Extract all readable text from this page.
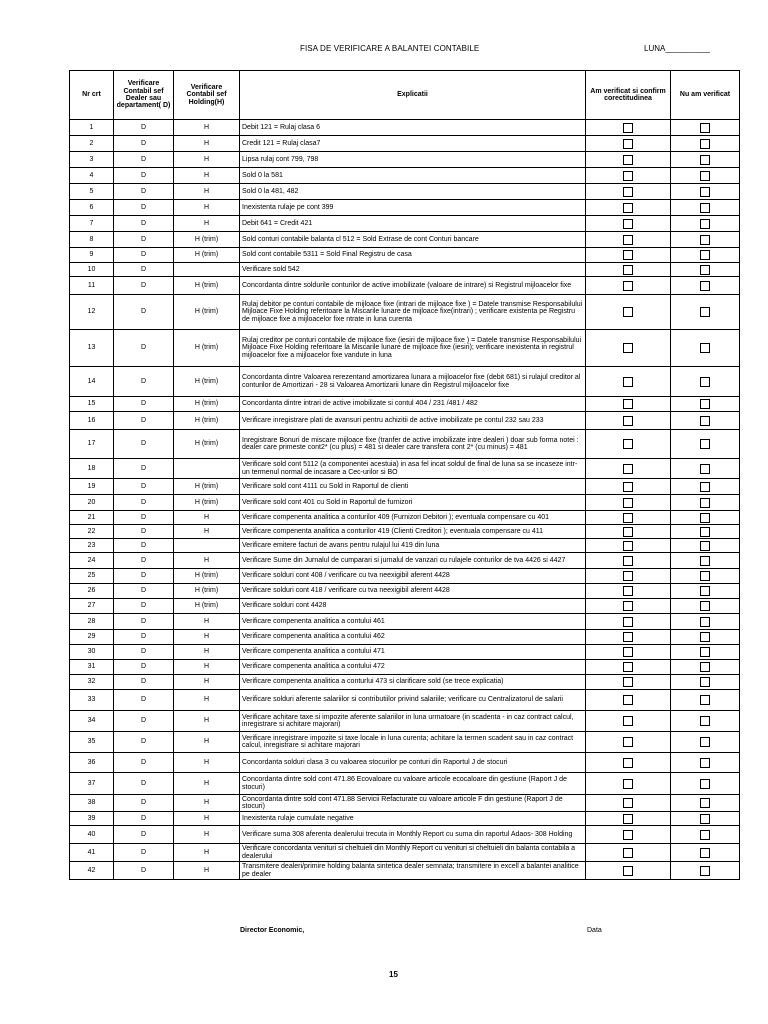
FISA DE VERIFICARE A BALANTEI CONTABILE	LUNA__________
Nr crt	Verificare Contabil sef Dealer sau departament( D)	Verificare Contabil sef Holding(H)	Explicatii	Am verificat si confirm corectitudinea	Nu am verificat
1	D	H	Debit 121 = Rulaj clasa 6		
2	D	H	Credit 121 = Rulaj clasa7		
3	D	H	Lipsa rulaj cont 799, 798		
4	D	H	Sold 0 la 581		
5	D	H	Sold 0 la 481, 482		
6	D	H	Inexistenta rulaje pe cont 399		
7	D	H	Debit 641 = Credit 421		
8	D	H (trim)	Sold conturi contabile balanta cl 512 = Sold Extrase de cont Conturi bancare		
9	D	H (trim)	Sold cont contabile 5311 = Sold Final Registru de casa		
10	D		Verificare sold 542		
11	D	H (trim)	Concordanta dintre soldurile conturilor de active imobilizate (valoare de intrare) si Registrul mijloacelor fixe		
12	D	H (trim)	Rulaj debitor pe conturi contabile de mijloace fixe (intrari de mijloace fixe ) = Datele transmise Responsabilului Mijloace Fixe Holding referitoare la Miscarile lunare de mijloace fixe(intrari) ; verificare existenta pe Registru de mijloace fixe a mijloacelor fixe ntrate in luna curenta		
13	D	H (trim)	Rulaj creditor pe conturi contabile de mijloace fixe (iesiri de mijloace fixe ) = Datele transmise Responsabilului Mijloace Fixe Holding referitoare la Miscarile lunare de mijloace fixe (iesiri); verificare inexistenta in registrul mijloacelor fixe a mijloacelor fixe vandute in luna		
14	D	H (trim)	Concordanta dintre Valoarea rerezentand amortizarea lunara a mijloacelor fixe (debit 681) si rulajul creditor al conturilor de Amortizari - 28 si Valoarea Amortizarii lunare din Registrul mijloacelor fixe		
15	D	H (trim)	Concordanta dintre intrari de active imobilizate si contul 404 / 231 /481 / 482		
16	D	H (trim)	Verificare inregistrare plati de avansuri pentru achizitii de active imobilizate pe contul 232 sau 233		
17	D	H (trim)	Inregistrare Bonuri de miscare mijloace fixe (tranfer de active imobilizate intre dealeri ) doar sub forma notei : dealer care primeste cont2* (cu plus) = 481 si dealer care transfera cont 2* (cu minus) = 481		
18	D		Verificare sold cont 5112 (a componentei acestuia) in asa fel incat soldul de final de luna sa se incaseze intr-un termenul normal de incasare a Cec-urilor si BO		
19	D	H (trim)	Verificare sold cont 4111 cu Sold in Raportul de clienti		
20	D	H (trim)	Verificare sold cont 401 cu Sold in Raportul de furnizori		
21	D	H	Verificare compenenta analitica a conturilor 409 (Furnizori Debitori ); eventuala compensare cu 401		
22	D	H	Verificare compenenta analitica a conturilor 419 (Clienti Creditori ); eventuala compensare cu 411		
23	D		Verificare emitere facturi de avans pentru rulajul lui 419 din luna		
24	D	H	Verificare Sume din Jurnalul de cumparari si jurnalul de vanzari cu rulajele conturilor de tva 4426 si 4427		
25	D	H (trim)	Verificare solduri cont 408 / verificare cu tva neexigibil aferent 4428		
26	D	H (trim)	Verificare solduri cont 418 / verificare cu tva neexigibil aferent 4428		
27	D	H (trim)	Verificare solduri cont 4428		
28	D	H	Verificare compenenta analitica a contului 461		
29	D	H	Verificare compenenta analitica a contului 462		
30	D	H	Verificare compenenta analitica a contului 471		
31	D	H	Verificare compenenta analitica a contului 472		
32	D	H	Verificare compenenta analitica a conturlui 473 si clarificare sold (se trece explicatia)		
33	D	H	Verificare solduri aferente salariilor si contributiilor privind salariile; verificare cu Centralizatorul de salarii		
34	D	H	Verificare achitare taxe si impozite aferente salariilor in luna urmatoare (in scadenta - in caz contract calcul, inregistrare si achitare majorari)		
35	D	H	Verificare inregistrare impozite si taxe locale in luna curenta; achitare la termen scadent sau in caz contract calcul, inregistrare si achitare majorari		
36	D	H	Concordanta solduri clasa 3 cu valoarea stocurilor pe conturi din Raportul J de stocuri		
37	D	H	Concordanta dintre sold cont 471.86 Ecovaloare cu valoare articole ecocaloare din gestiune (Raport J de stocuri)		
38	D	H	Concordanta dintre sold cont 471.88 Servicii Refacturate cu valoare articole F din gestiune (Raport J de stocuri)		
39	D	H	Inexistenta rulaje cumulate negative		
40	D	H	Verificare suma 308 aferenta dealerului trecuta in Monthly Report cu suma din raportul Adaos- 308 Holding		
41	D	H	Verificare concordanta venituri si cheltuieli din Monthly Report cu venituri si cheltuieli din balanta contabila a dealerului		
42	D	H	Transmitere dealeri/primire holding balanta sintetica dealer semnata; transmitere in excell a balantei analitice pe dealer		
Director Economic,	Data
15
